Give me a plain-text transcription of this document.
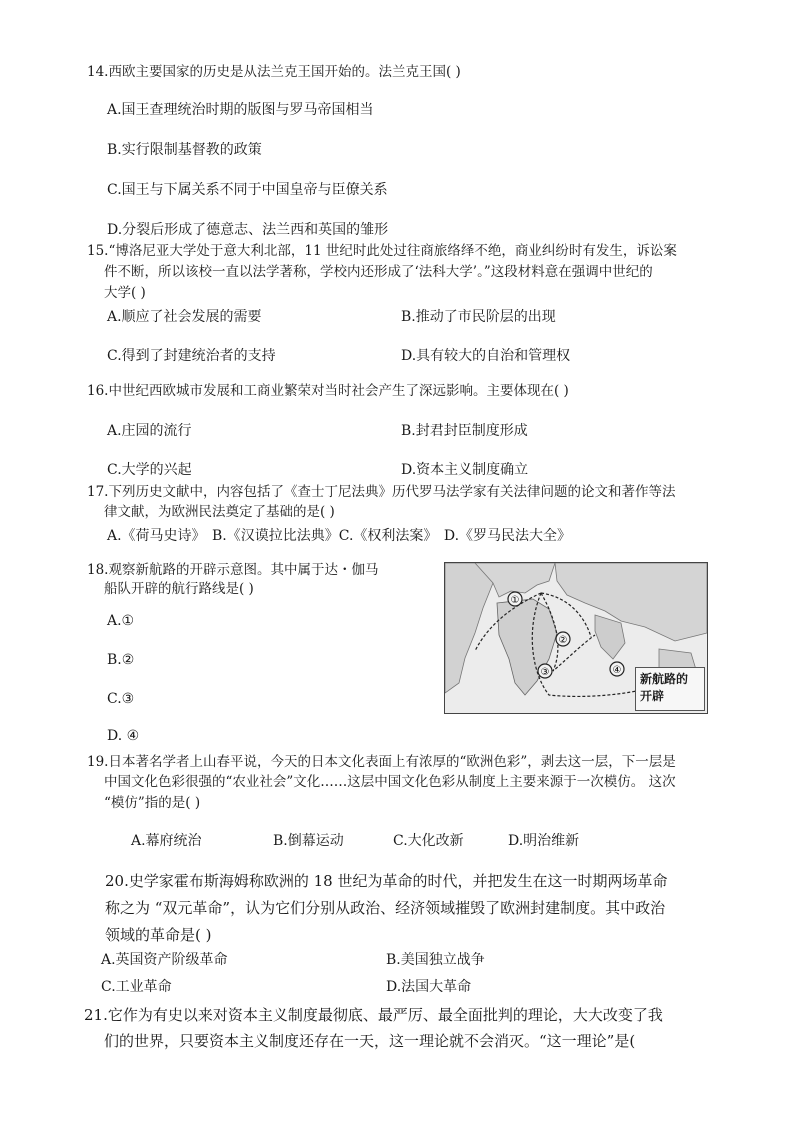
14.西欧主要国家的历史是从法兰克王国开始的。法兰克王国( )
A.国王查理统治时期的版图与罗马帝国相当
B.实行限制基督教的政策
C.国王与下属关系不同于中国皇帝与臣僚关系
D.分裂后形成了德意志、法兰西和英国的雏形
15.“博洛尼亚大学处于意大利北部，11 世纪时此处过往商旅络绎不绝，商业纠纷时有发生，诉讼案
件不断，所以该校一直以法学著称，学校内还形成了‘法科大学’。”这段材料意在强调中世纪的
大学( )
A.顺应了社会发展的需要	B.推动了市民阶层的出现
C.得到了封建统治者的支持	D.具有较大的自治和管理权
16.中世纪西欧城市发展和工商业繁荣对当时社会产生了深远影响。主要体现在( )
A.庄园的流行	B.封君封臣制度形成
C.大学的兴起	D.资本主义制度确立
17.下列历史文献中，内容包括了《查士丁尼法典》历代罗马法学家有关法律问题的论文和著作等法
律文献，为欧洲民法奠定了基础的是( )
A.《荷马史诗》 B.《汉谟拉比法典》C.《权利法案》 D.《罗马民法大全》
18.观察新航路的开辟示意图。其中属于达・伽马
船队开辟的航行路线是( )
A.①
B.②
C.③
D. ④
①
②
③	④
新航路的
开辟
19.日本著名学者上山春平说，今天的日本文化表面上有浓厚的“欧洲色彩”，剥去这一层，下一层是
中国文化色彩很强的“农业社会”文化……这层中国文化色彩从制度上主要来源于一次模仿。 这次
“模仿”指的是( )
A.幕府统治	B.倒幕运动	C.大化改新	D.明治维新
20.史学家霍布斯海姆称欧洲的 18 世纪为革命的时代，并把发生在这一时期两场革命
称之为 “双元革命”，认为它们分别从政治、经济领域摧毁了欧洲封建制度。其中政治
领域的革命是( )
A.英国资产阶级革命	B.美国独立战争
C.工业革命	D.法国大革命
21.它作为有史以来对资本主义制度最彻底、最严厉、最全面批判的理论，大大改变了我
们的世界，只要资本主义制度还存在一天，这一理论就不会消灭。“这一理论”是(
